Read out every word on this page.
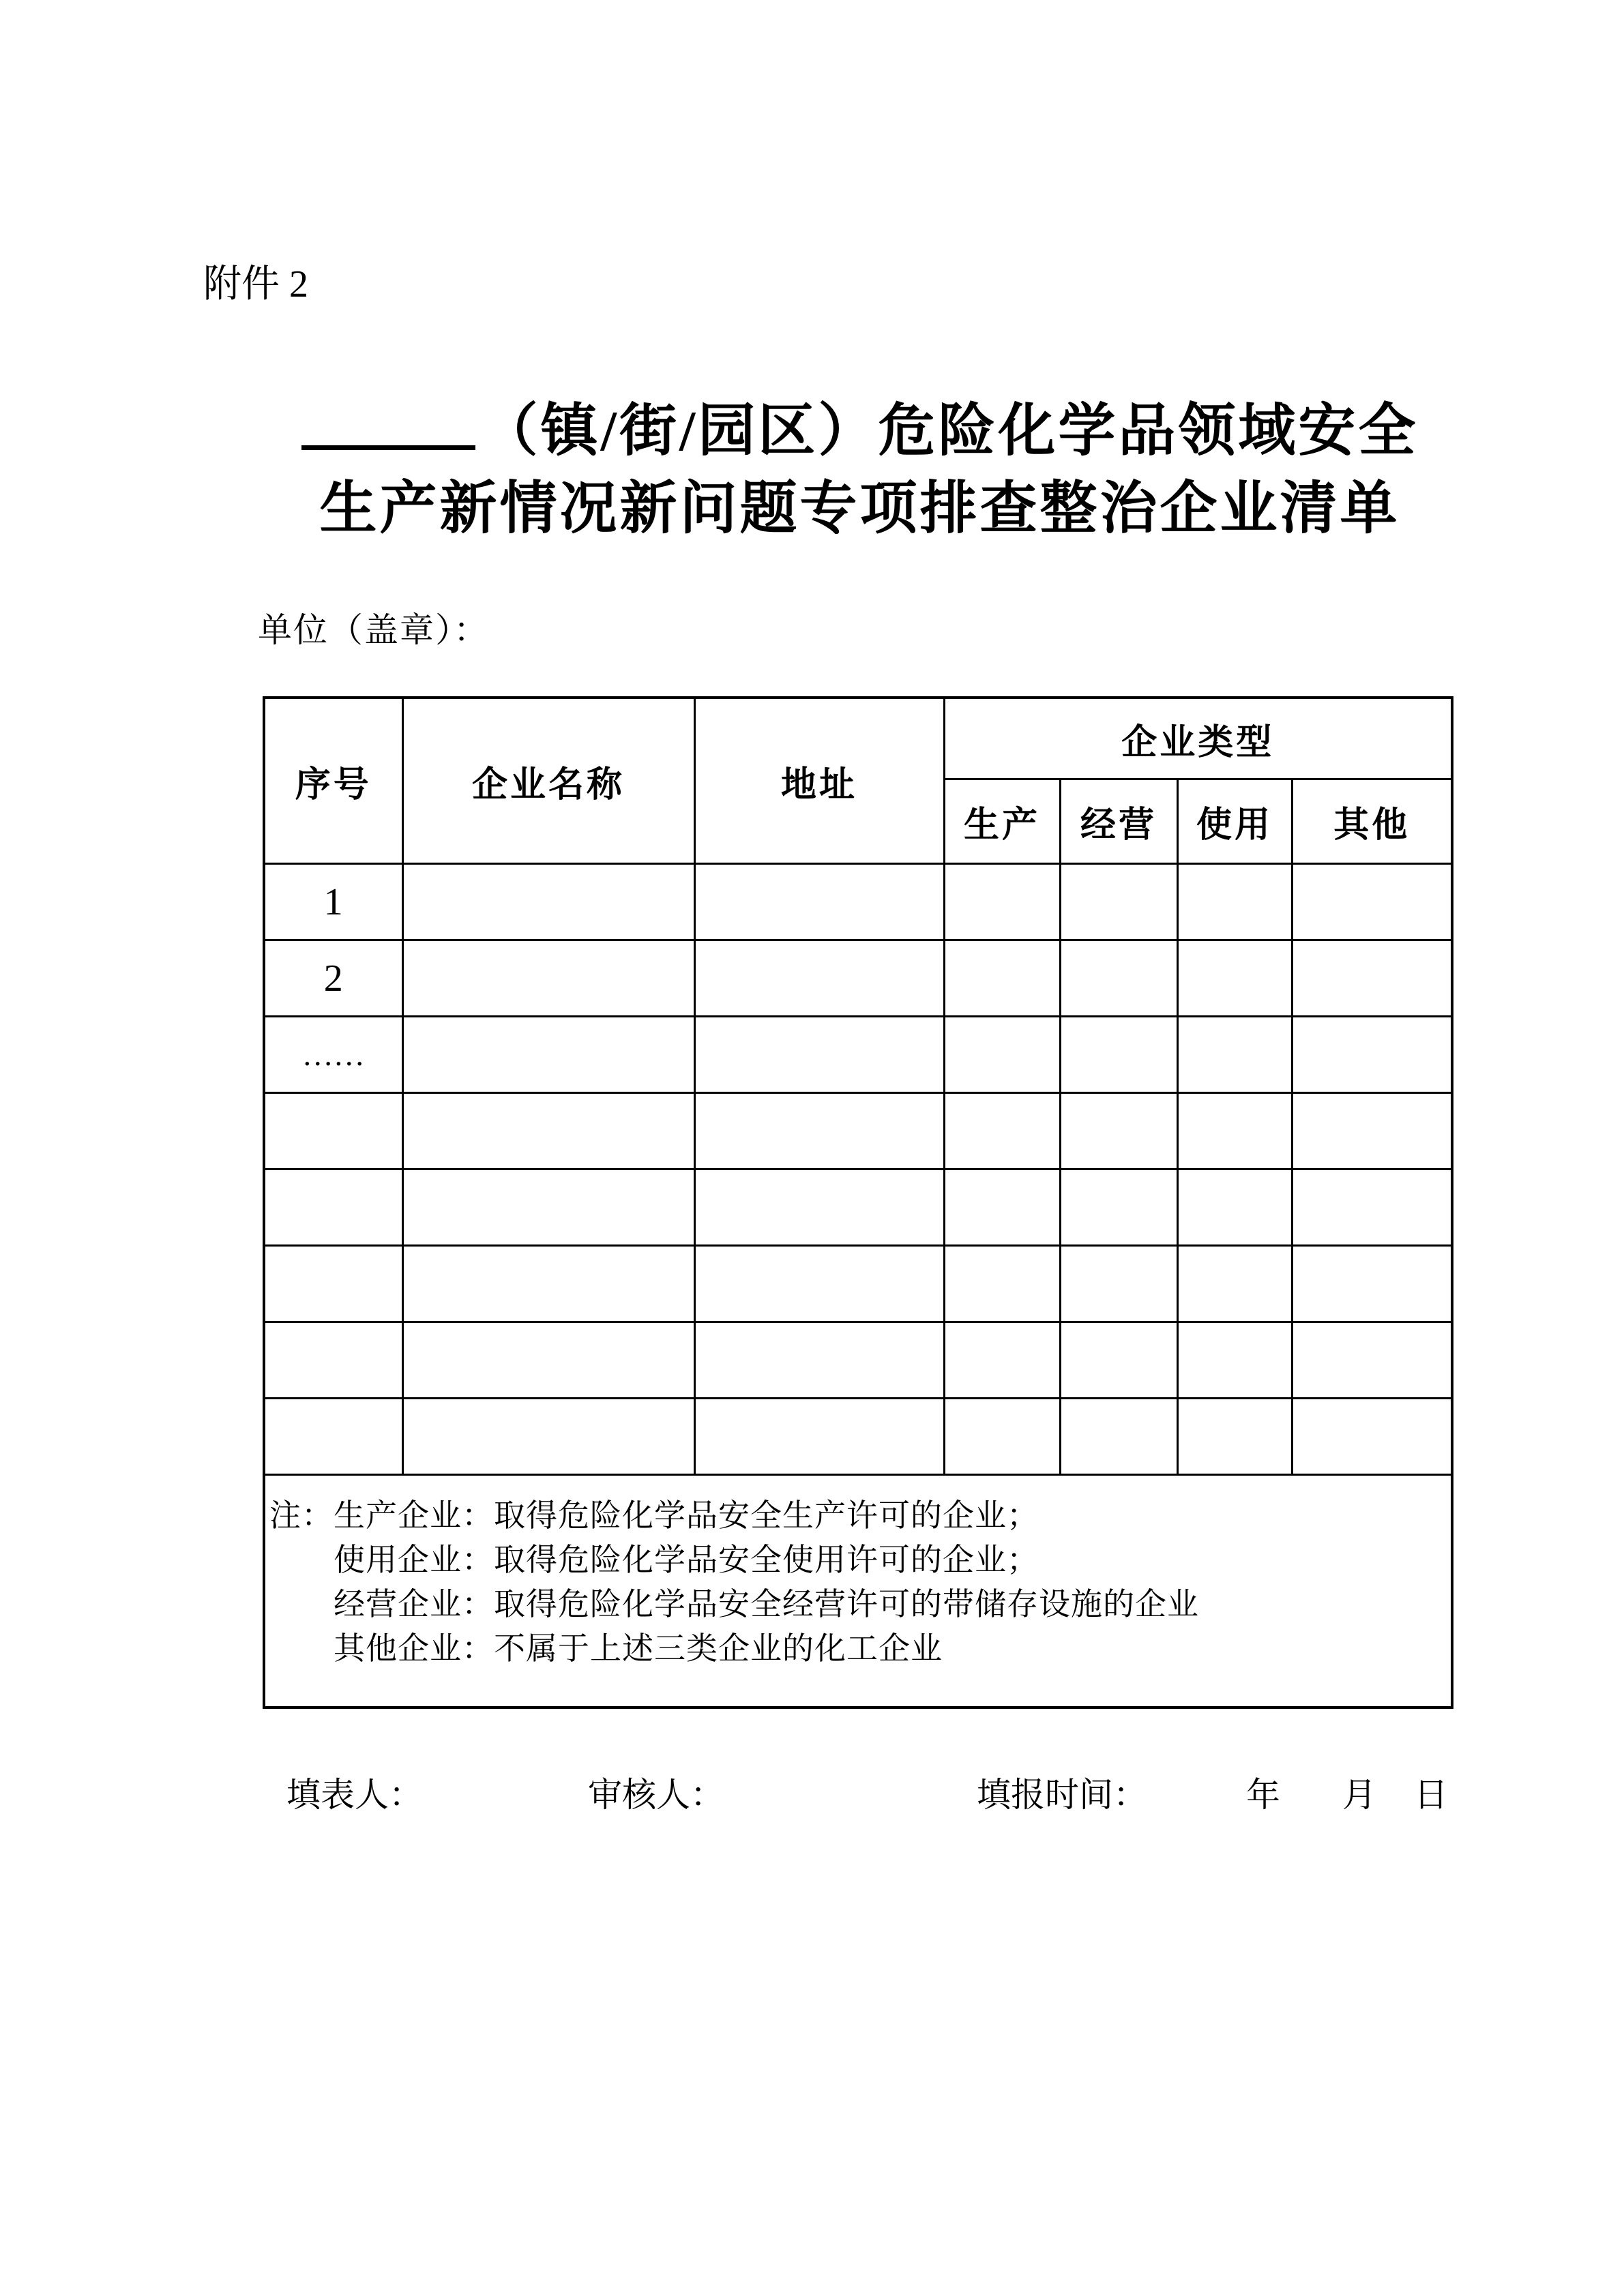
附件 2
（镇/街/园区）危险化学品领域安全
生产新情况新问题专项排查整治企业清单
单位（盖章）：
序号	企业名称	地址	企业类型			
			生产	经营	使用	其他
1						
2						
……						

注： 生产企业：取得危险化学品安全生产许可的企业；
使用企业：取得危险化学品安全使用许可的企业；
经营企业：取得危险化学品安全经营许可的带储存设施的企业
其他企业：不属于上述三类企业的化工企业						
填表人：	审核人：	填报时间：	年 月 日
